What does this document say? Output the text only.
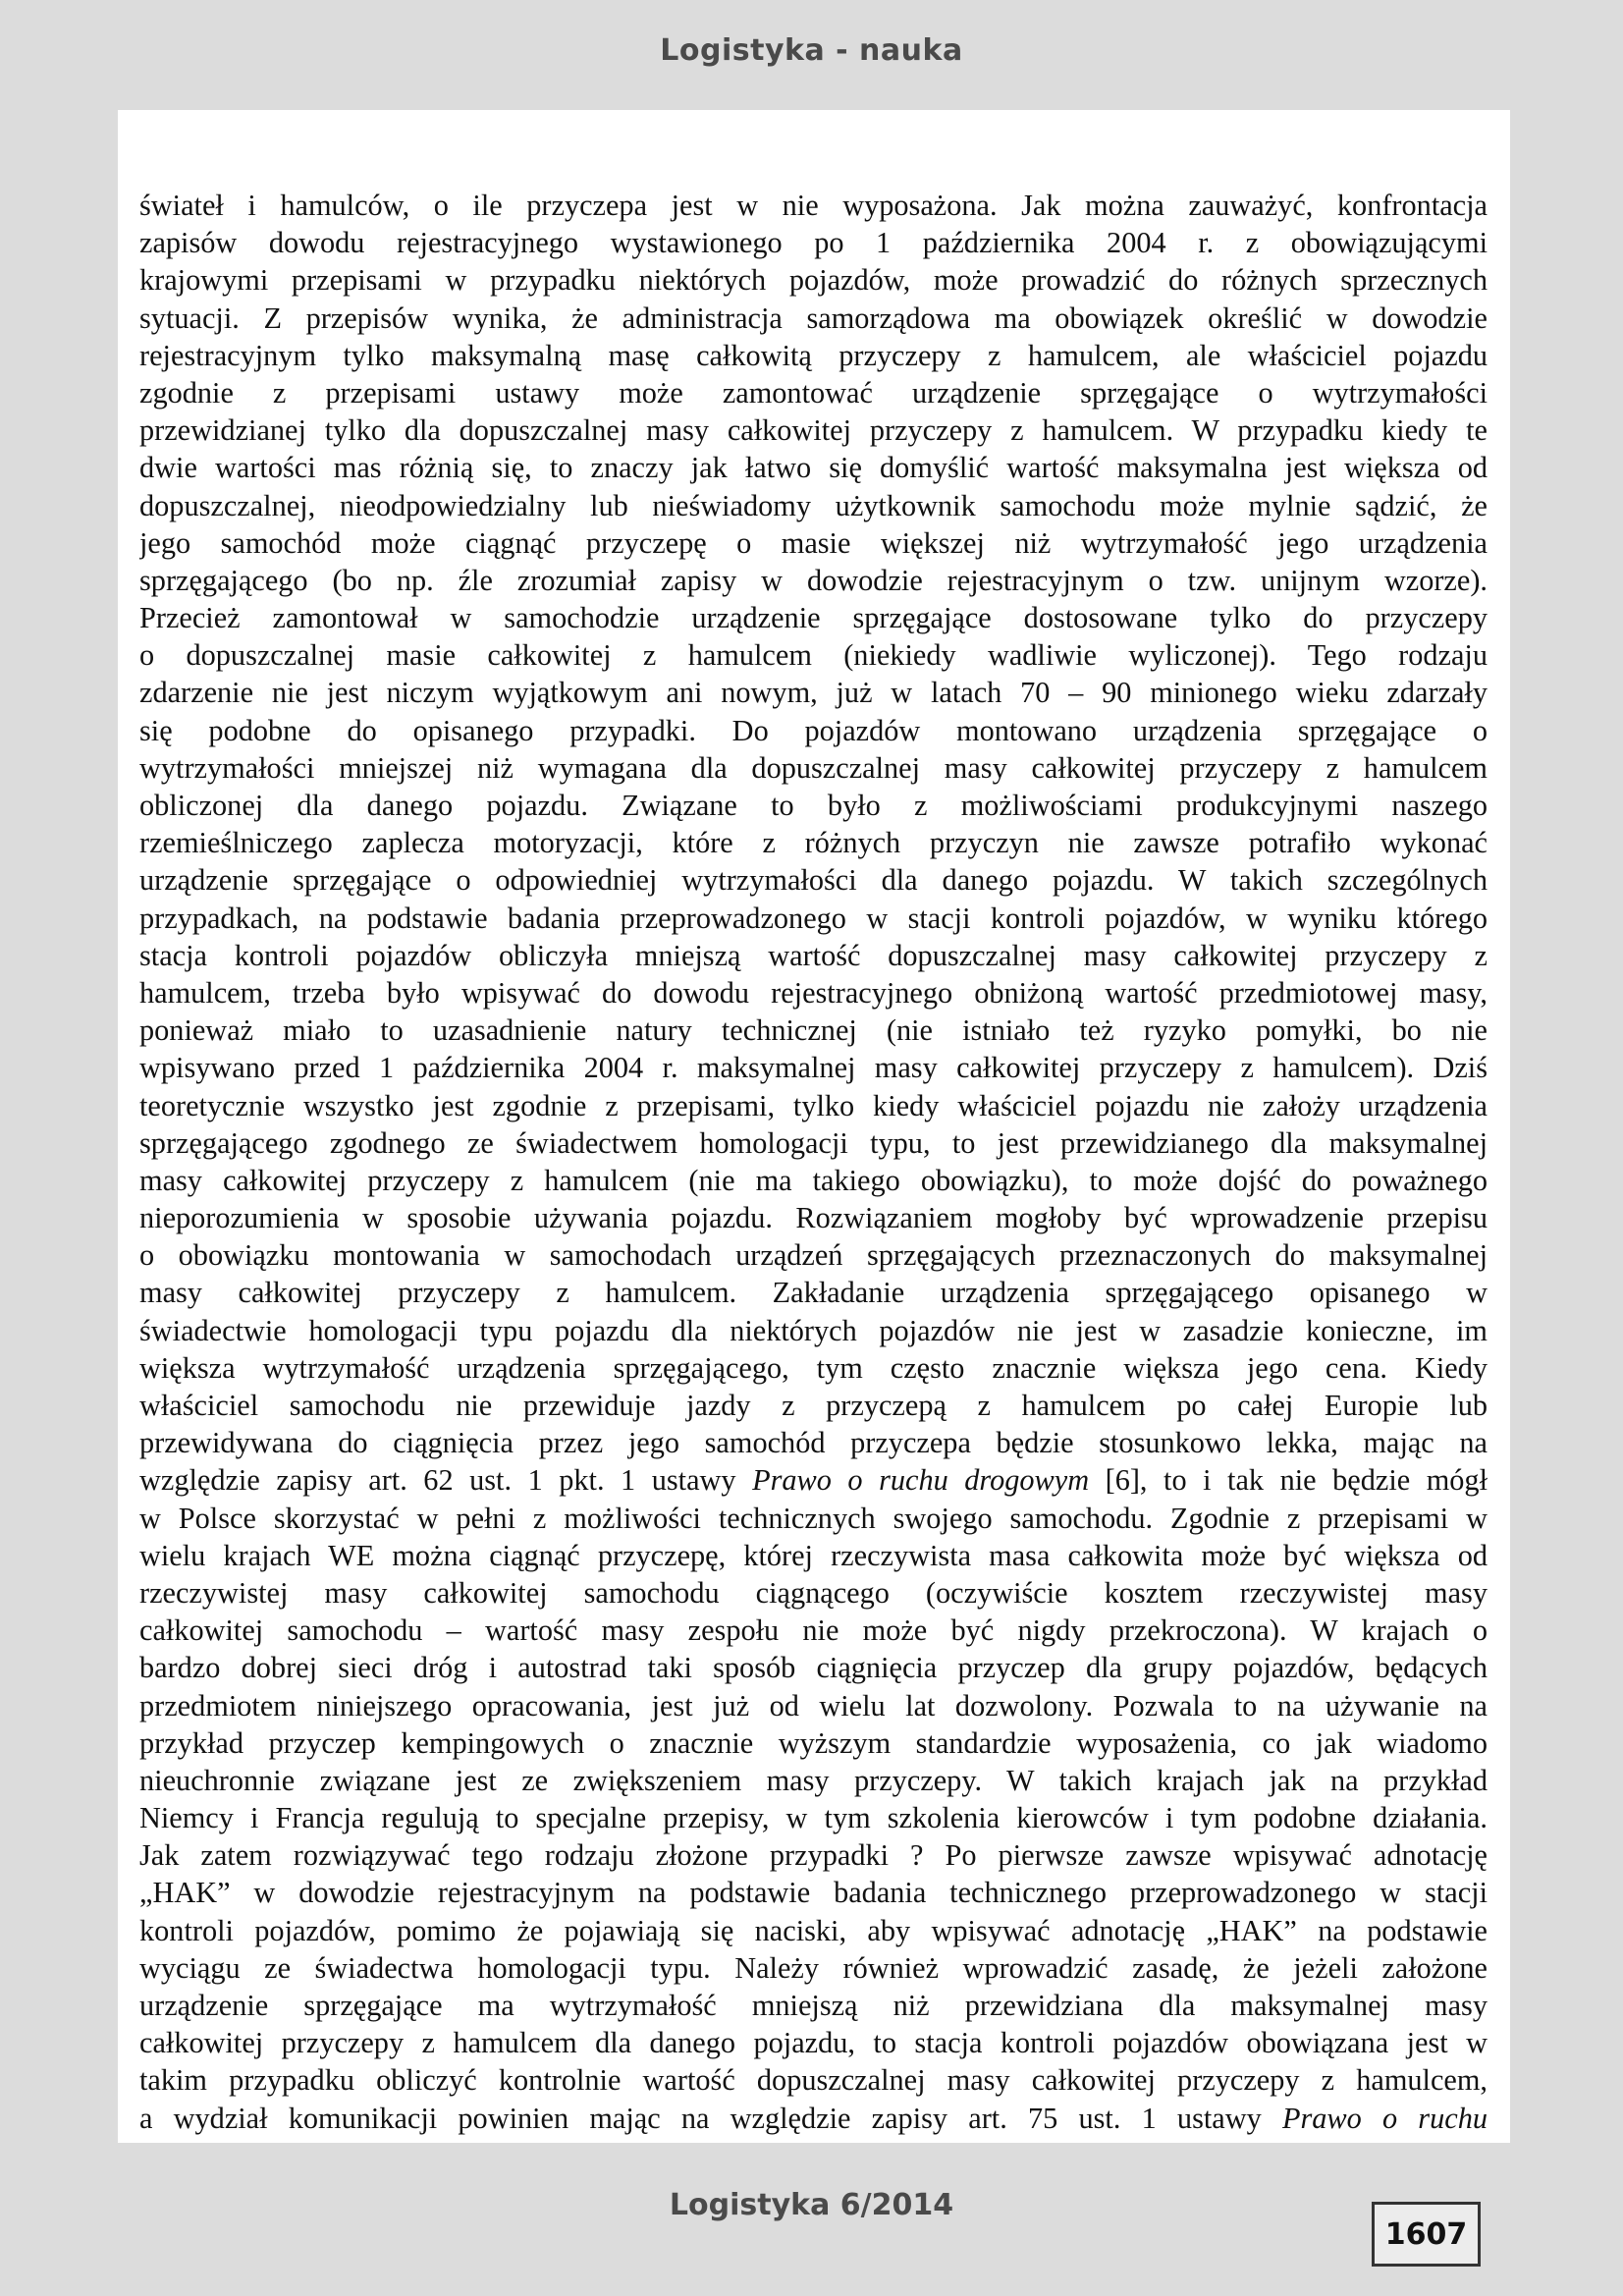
Logistyka - nauka
świateł i hamulców, o ile przyczepa jest w nie wyposażona. Jak można zauważyć, konfrontacja
zapisów dowodu rejestracyjnego wystawionego po 1 października 2004 r. z obowiązującymi
krajowymi przepisami w przypadku niektórych pojazdów, może prowadzić do różnych sprzecznych
sytuacji. Z przepisów wynika, że administracja samorządowa ma obowiązek określić w dowodzie
rejestracyjnym tylko maksymalną masę całkowitą przyczepy z hamulcem, ale właściciel pojazdu
zgodnie z przepisami ustawy może zamontować urządzenie sprzęgające o wytrzymałości
przewidzianej tylko dla dopuszczalnej masy całkowitej przyczepy z hamulcem. W przypadku kiedy te
dwie wartości mas różnią się, to znaczy jak łatwo się domyślić wartość maksymalna jest większa od
dopuszczalnej, nieodpowiedzialny lub nieświadomy użytkownik samochodu może mylnie sądzić, że
jego samochód może ciągnąć przyczepę o masie większej niż wytrzymałość jego urządzenia
sprzęgającego (bo np. źle zrozumiał zapisy w dowodzie rejestracyjnym o tzw. unijnym wzorze).
Przecież zamontował w samochodzie urządzenie sprzęgające dostosowane tylko do przyczepy
o dopuszczalnej masie całkowitej z hamulcem (niekiedy wadliwie wyliczonej). Tego rodzaju
zdarzenie nie jest niczym wyjątkowym ani nowym, już w latach 70 – 90 minionego wieku zdarzały
się podobne do opisanego przypadki. Do pojazdów montowano urządzenia sprzęgające o
wytrzymałości mniejszej niż wymagana dla dopuszczalnej masy całkowitej przyczepy z hamulcem
obliczonej dla danego pojazdu. Związane to było z możliwościami produkcyjnymi naszego
rzemieślniczego zaplecza motoryzacji, które z różnych przyczyn nie zawsze potrafiło wykonać
urządzenie sprzęgające o odpowiedniej wytrzymałości dla danego pojazdu. W takich szczególnych
przypadkach, na podstawie badania przeprowadzonego w stacji kontroli pojazdów, w wyniku którego
stacja kontroli pojazdów obliczyła mniejszą wartość dopuszczalnej masy całkowitej przyczepy z
hamulcem, trzeba było wpisywać do dowodu rejestracyjnego obniżoną wartość przedmiotowej masy,
ponieważ miało to uzasadnienie natury technicznej (nie istniało też ryzyko pomyłki, bo nie
wpisywano przed 1 października 2004 r. maksymalnej masy całkowitej przyczepy z hamulcem). Dziś
teoretycznie wszystko jest zgodnie z przepisami, tylko kiedy właściciel pojazdu nie założy urządzenia
sprzęgającego zgodnego ze świadectwem homologacji typu, to jest przewidzianego dla maksymalnej
masy całkowitej przyczepy z hamulcem (nie ma takiego obowiązku), to może dojść do poważnego
nieporozumienia w sposobie używania pojazdu. Rozwiązaniem mogłoby być wprowadzenie przepisu
o obowiązku montowania w samochodach urządzeń sprzęgających przeznaczonych do maksymalnej
masy całkowitej przyczepy z hamulcem. Zakładanie urządzenia sprzęgającego opisanego w
świadectwie homologacji typu pojazdu dla niektórych pojazdów nie jest w zasadzie konieczne, im
większa wytrzymałość urządzenia sprzęgającego, tym często znacznie większa jego cena. Kiedy
właściciel samochodu nie przewiduje jazdy z przyczepą z hamulcem po całej Europie lub
przewidywana do ciągnięcia przez jego samochód przyczepa będzie stosunkowo lekka, mając na
względzie zapisy art. 62 ust. 1 pkt. 1 ustawy Prawo o ruchu drogowym [6], to i tak nie będzie mógł
w Polsce skorzystać w pełni z możliwości technicznych swojego samochodu. Zgodnie z przepisami w
wielu krajach WE można ciągnąć przyczepę, której rzeczywista masa całkowita może być większa od
rzeczywistej masy całkowitej samochodu ciągnącego (oczywiście kosztem rzeczywistej masy
całkowitej samochodu – wartość masy zespołu nie może być nigdy przekroczona). W krajach o
bardzo dobrej sieci dróg i autostrad taki sposób ciągnięcia przyczep dla grupy pojazdów, będących
przedmiotem niniejszego opracowania, jest już od wielu lat dozwolony. Pozwala to na używanie na
przykład przyczep kempingowych o znacznie wyższym standardzie wyposażenia, co jak wiadomo
nieuchronnie związane jest ze zwiększeniem masy przyczepy. W takich krajach jak na przykład
Niemcy i Francja regulują to specjalne przepisy, w tym szkolenia kierowców i tym podobne działania.
Jak zatem rozwiązywać tego rodzaju złożone przypadki ? Po pierwsze zawsze wpisywać adnotację
„HAK” w dowodzie rejestracyjnym na podstawie badania technicznego przeprowadzonego w stacji
kontroli pojazdów, pomimo że pojawiają się naciski, aby wpisywać adnotację „HAK” na podstawie
wyciągu ze świadectwa homologacji typu. Należy również wprowadzić zasadę, że jeżeli założone
urządzenie sprzęgające ma wytrzymałość mniejszą niż przewidziana dla maksymalnej masy
całkowitej przyczepy z hamulcem dla danego pojazdu, to stacja kontroli pojazdów obowiązana jest w
takim przypadku obliczyć kontrolnie wartość dopuszczalnej masy całkowitej przyczepy z hamulcem,
a wydział komunikacji powinien mając na względzie zapisy art. 75 ust. 1 ustawy Prawo o ruchu
Logistyka 6/2014
1607
